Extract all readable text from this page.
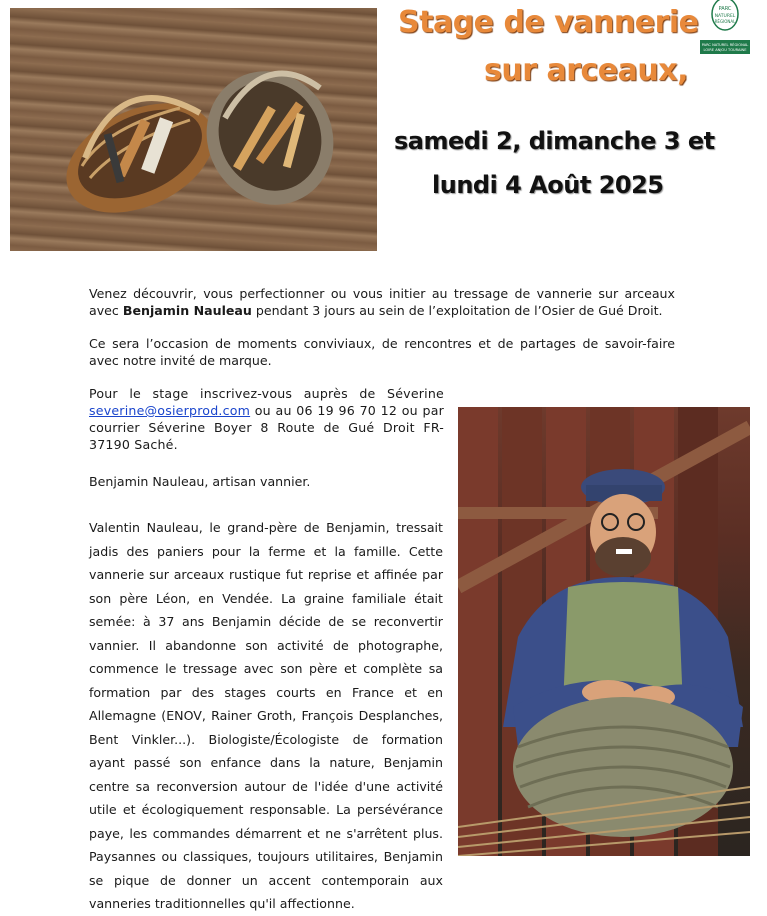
Stage de vannerie
sur arceaux,
samedi 2, dimanche 3 et
lundi 4 Août 2025
PARC
NATUREL
RÉGIONAL
PARC NATUREL RÉGIONAL
LOIRE ANJOU TOURAINE
Venez découvrir, vous perfectionner ou vous initier au tressage de vannerie sur arceaux avec Benjamin Nauleau pendant 3 jours au sein de l’exploitation de l’Osier de Gué Droit.
Ce sera l’occasion de moments conviviaux, de rencontres et de partages de savoir-faire avec notre invité de marque.
Pour le stage inscrivez-vous auprès de Séverine severine@osierprod.com ou au 06 19 96 70 12 ou par courrier Séverine Boyer 8 Route de Gué Droit FR-37190 Saché.
Benjamin Nauleau, artisan vannier.
Valentin Nauleau, le grand-père de Benjamin, tressait jadis des paniers pour la ferme et la famille. Cette vannerie sur arceaux rustique fut reprise et affinée par son père Léon, en Vendée. La graine familiale était semée: à 37 ans Benjamin décide de se reconvertir vannier. Il abandonne son activité de photographe, commence le tressage avec son père et complète sa formation par des stages courts en France et en Allemagne (ENOV, Rainer Groth, François Desplanches, Bent Vinkler...). Biologiste/Écologiste de formation ayant passé son enfance dans la nature, Benjamin centre sa reconversion autour de l'idée d'une activité utile et écologiquement responsable. La persévérance paye, les commandes démarrent et ne s'arrêtent plus. Paysannes ou classiques, toujours utilitaires, Benjamin se pique de donner un accent contemporain aux vanneries traditionnelles qu'il affectionne.
